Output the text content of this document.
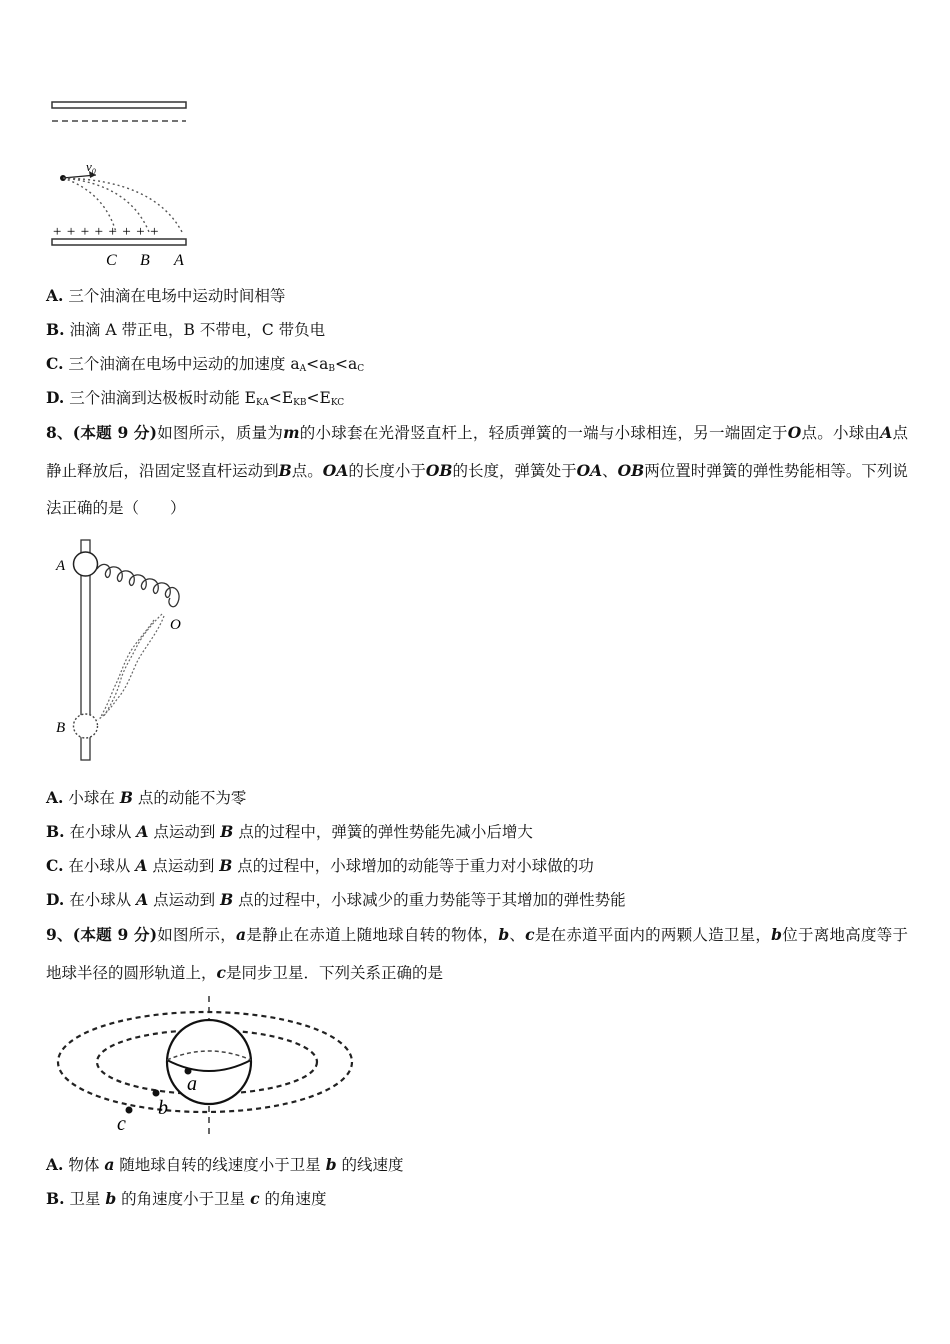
$v_0$
+ + + + + + + +
C B A
A. 三个油滴在电场中运动时间相等
B. 油滴 A 带正电，B 不带电，C 带负电
C. 三个油滴在电场中运动的加速度 $a_A<a_B<a_C$
D. 三个油滴到达极板时动能 $E_{KA}<E_{KB}<E_{KC}$
8、(本题 9 分)如图所示，质量为m的小球套在光滑竖直杆上，轻质弹簧的一端与小球相连，另一端固定于O点。小球由A点静止释放后，沿固定竖直杆运动到B点。OA的长度小于OB的长度，弹簧处于OA、OB两位置时弹簧的弹性势能相等。下列说法正确的是（　　）
A
O
B
A. 小球在 B 点的动能不为零
B. 在小球从 A 点运动到 B 点的过程中，弹簧的弹性势能先减小后增大
C. 在小球从 A 点运动到 B 点的过程中，小球增加的动能等于重力对小球做的功
D. 在小球从 A 点运动到 B 点的过程中，小球减少的重力势能等于其增加的弹性势能
9、(本题 9 分)如图所示，a是静止在赤道上随地球自转的物体，b、c是在赤道平面内的两颗人造卫星，b位于离地高度等于地球半径的圆形轨道上，c是同步卫星．下列关系正确的是
a
b
c
A. 物体 a 随地球自转的线速度小于卫星 b 的线速度
B. 卫星 b 的角速度小于卫星 c 的角速度
